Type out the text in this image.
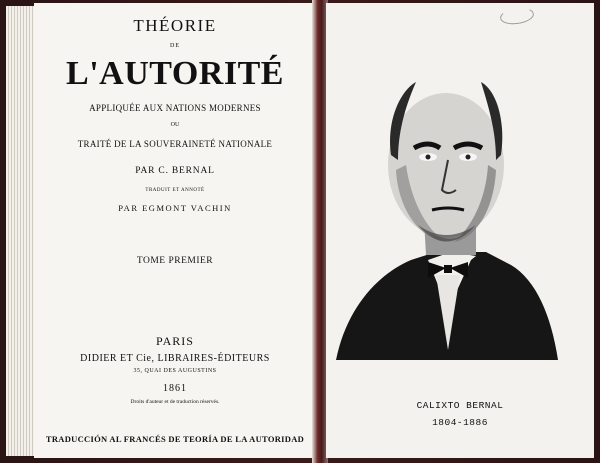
THÉORIE
DE
L'AUTORITÉ
APPLIQUÉE AUX NATIONS MODERNES
OU
TRAITÉ DE LA SOUVERAINETÉ NATIONALE
PAR C. BERNAL
TRADUIT ET ANNOTÉ
PAR EGMONT VACHIN
TOME PREMIER
PARIS
DIDIER ET Cie, LIBRAIRES-ÉDITEURS
35, QUAI DES AUGUSTINS
1861
Droits d'auteur et de traduction réservés.
TRADUCCIÓN AL FRANCÉS DE TEORÍA DE LA AUTORIDAD
CALIXTO BERNAL
1804-1886
